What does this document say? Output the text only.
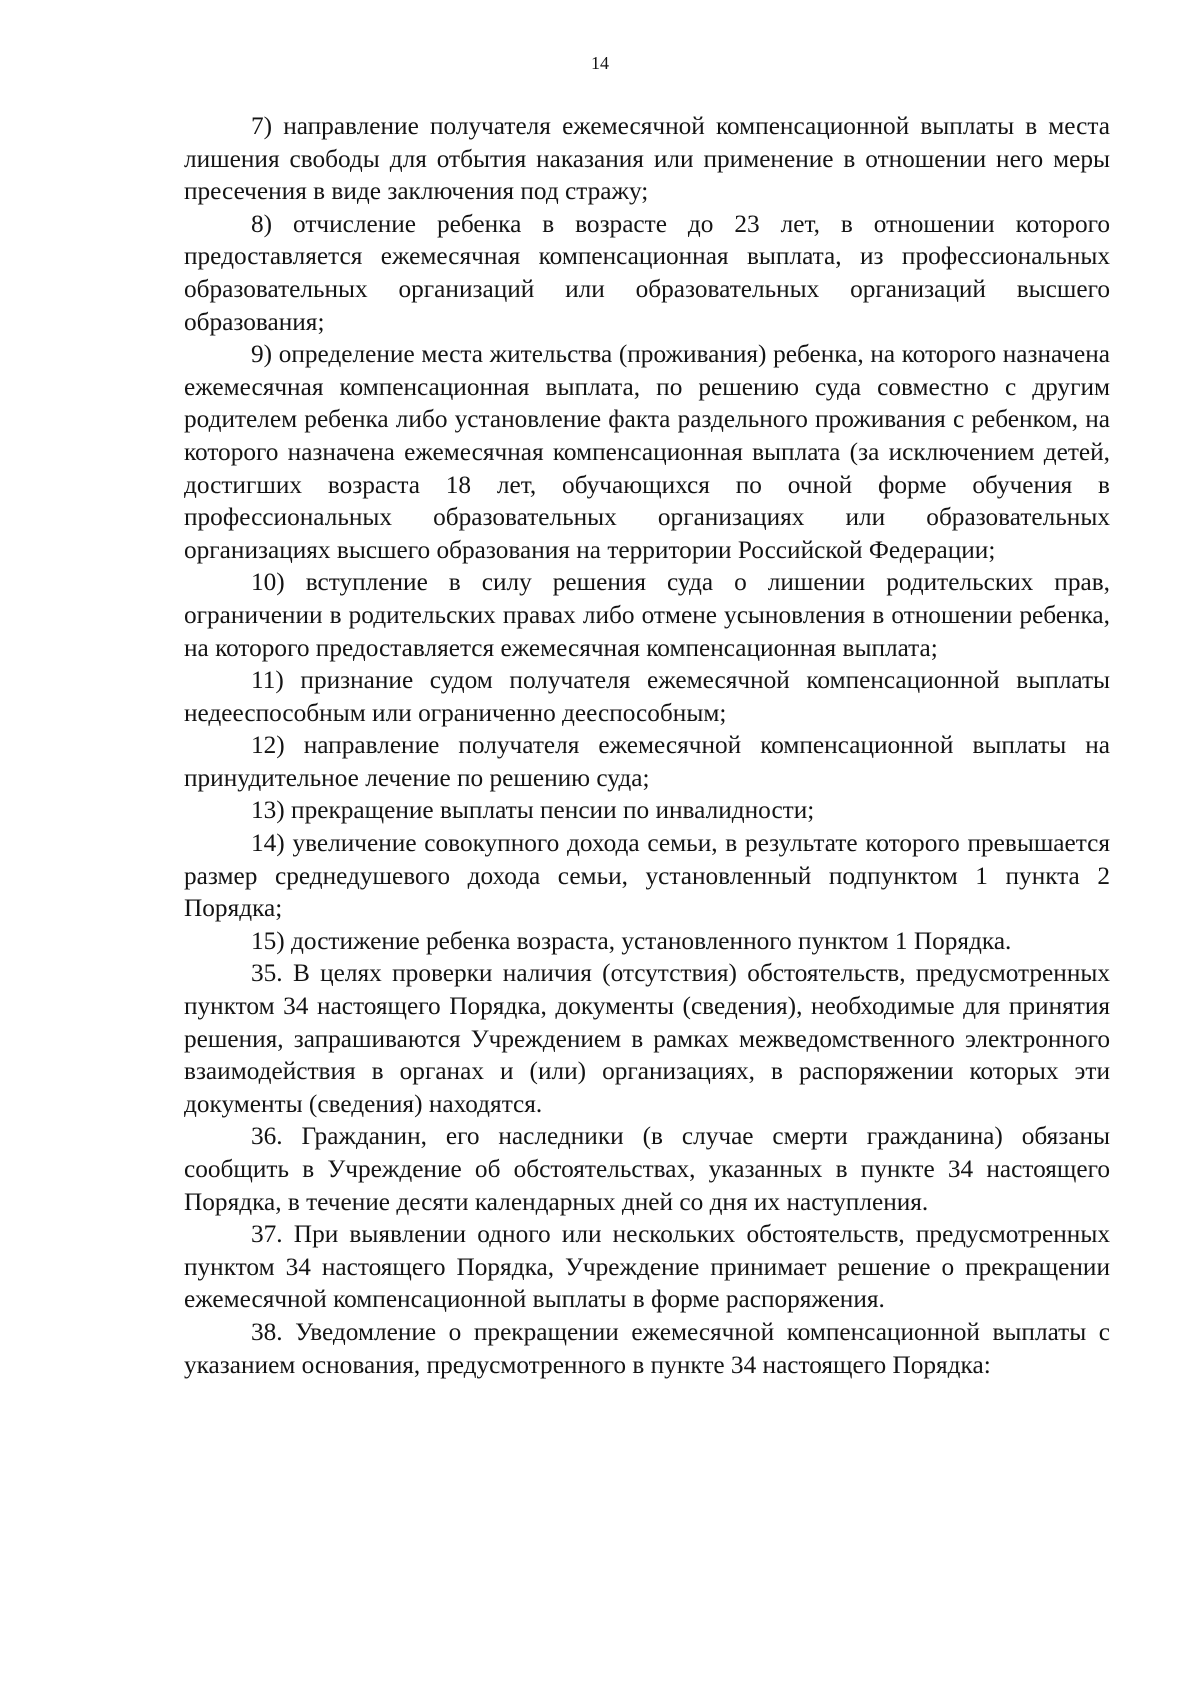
14

7) направление получателя ежемесячной компенсационной выплаты в места лишения свободы для отбытия наказания или применение в отношении него меры пресечения в виде заключения под стражу;

8) отчисление ребенка в возрасте до 23 лет, в отношении которого предоставляется ежемесячная компенсационная выплата, из профессиональных образовательных организаций или образовательных организаций высшего образования;

9) определение места жительства (проживания) ребенка, на которого назначена ежемесячная компенсационная выплата, по решению суда совместно с другим родителем ребенка либо установление факта раздельного проживания с ребенком, на которого назначена ежемесячная компенсационная выплата (за исключением детей, достигших возраста 18 лет, обучающихся по очной форме обучения в профессиональных образовательных организациях или образовательных организациях высшего образования на территории Российской Федерации;

10) вступление в силу решения суда о лишении родительских прав, ограничении в родительских правах либо отмене усыновления в отношении ребенка, на которого предоставляется ежемесячная компенсационная выплата;

11) признание судом получателя ежемесячной компенсационной выплаты недееспособным или ограниченно дееспособным;

12) направление получателя ежемесячной компенсационной выплаты на принудительное лечение по решению суда;

13) прекращение выплаты пенсии по инвалидности;

14) увеличение совокупного дохода семьи, в результате которого превышается размер среднедушевого дохода семьи, установленный подпунктом 1 пункта 2 Порядка;

15) достижение ребенка возраста, установленного пунктом 1 Порядка.

35. В целях проверки наличия (отсутствия) обстоятельств, предусмотренных пунктом 34 настоящего Порядка, документы (сведения), необходимые для принятия решения, запрашиваются Учреждением в рамках межведомственного электронного взаимодействия в органах и (или) организациях, в распоряжении которых эти документы (сведения) находятся.

36. Гражданин, его наследники (в случае смерти гражданина) обязаны сообщить в Учреждение об обстоятельствах, указанных в пункте 34 настоящего Порядка, в течение десяти календарных дней со дня их наступления.

37. При выявлении одного или нескольких обстоятельств, предусмотренных пунктом 34 настоящего Порядка, Учреждение принимает решение о прекращении ежемесячной компенсационной выплаты в форме распоряжения.

38. Уведомление о прекращении ежемесячной компенсационной выплаты с указанием основания, предусмотренного в пункте 34 настоящего Порядка:
